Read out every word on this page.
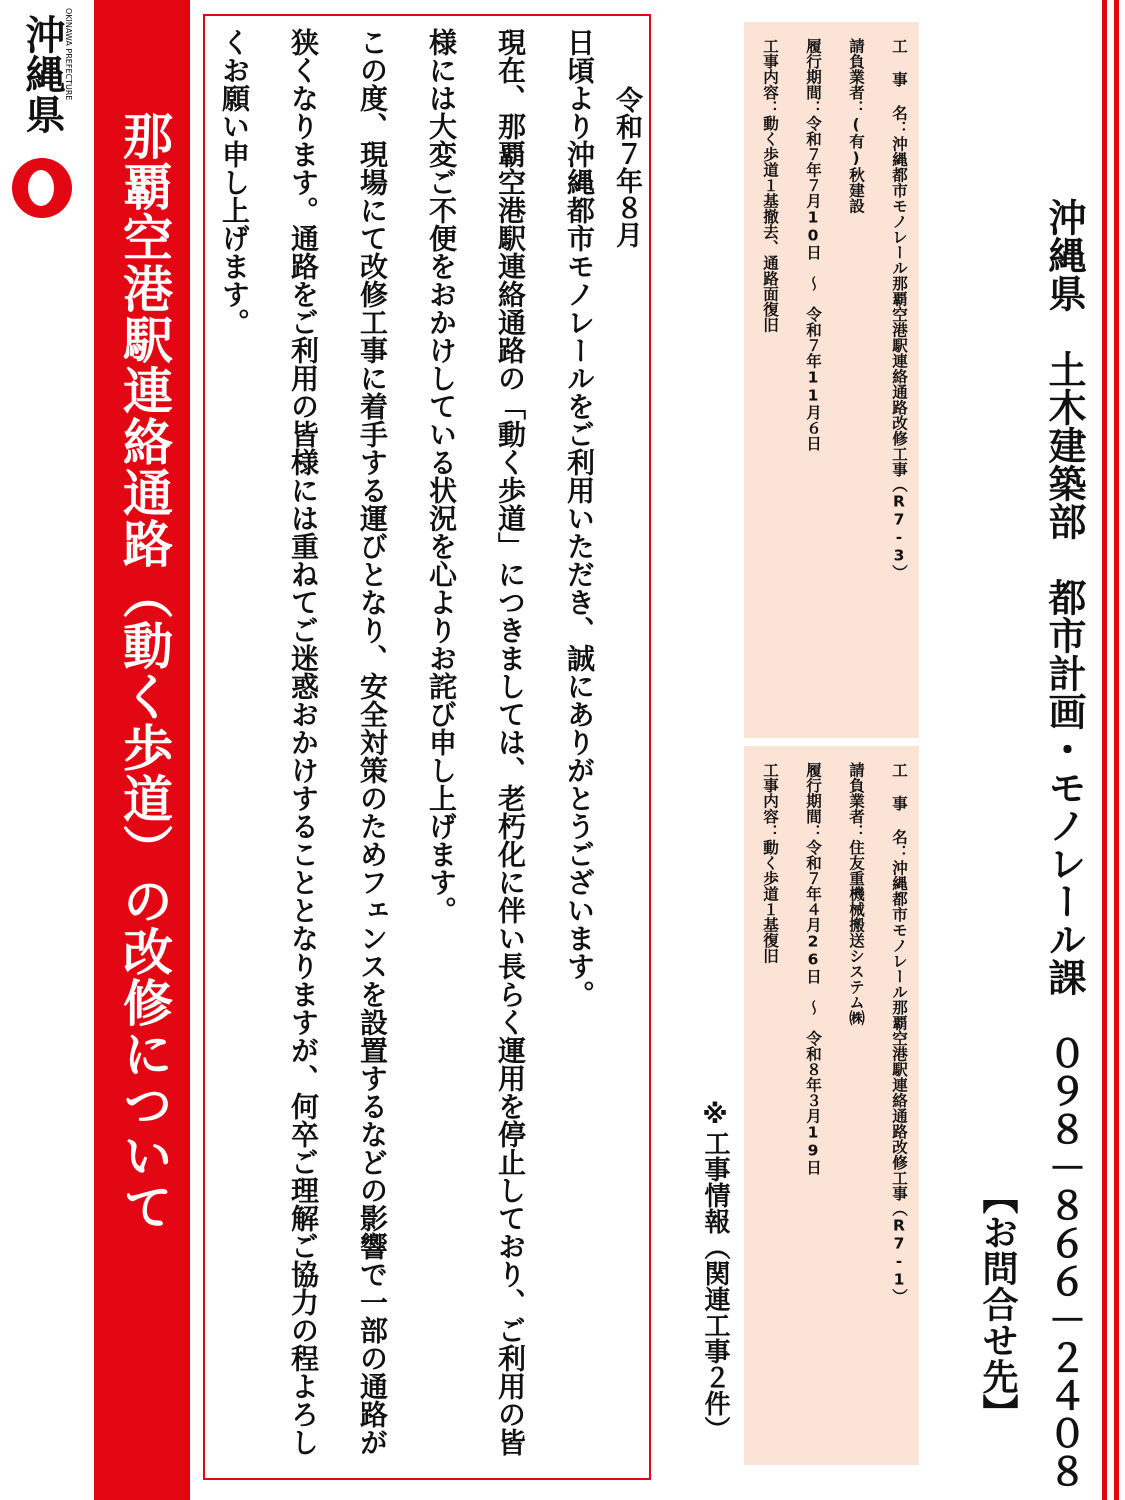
沖縄県
OKINAWA PREFECTURE
那覇空港駅連絡通路（動く歩道）の改修について	日頃より沖縄都市モノレールをご利用いただき、誠にありがとうございます。

現在、那覇空港駅連絡通路の「動く歩道」につきましては、老朽化に伴い長らく運用を停止しており、ご利用の皆様には大変ご不便をおかけしている状況を心よりお詫び申し上げます。

この度、現場にて改修工事に着手する運びとなり、安全対策のためフェンスを設置するなどの影響で一部の通路が狭くなります。通路をご利用の皆様には重ねてご迷惑おかけすることとなりますが、何卒ご理解ご協力の程よろしくお願い申し上げます。	令和７年８月
※工事情報（関連工事２件）	工 事 名：沖縄都市モノレール那覇空港駅連絡通路改修工事（R7-1）
請負業者：住友重機械搬送システム㈱
履行期間：令和７年４月26日　～　令和８年３月19日
工事内容：動く歩道１基復旧
工 事 名：沖縄都市モノレール那覇空港駅連絡通路改修工事（R7-3）
請負業者：(有)秋建設
履行期間：令和７年７月10日　～　令和７年11月６日
工事内容：動く歩道１基撤去、通路面復旧
【お問合せ先】 沖縄県　土木建築部　都市計画・モノレール課　０９８－８６６－２４０８
